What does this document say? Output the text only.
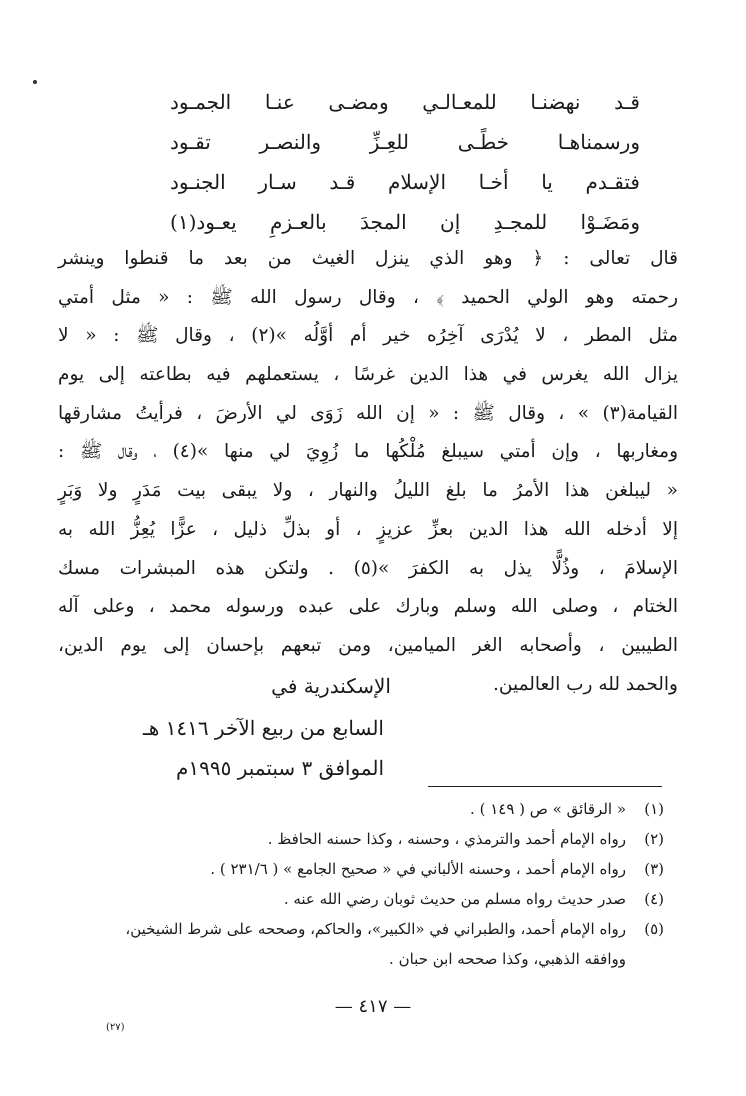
قـد نهضنـا للمعـالـي ومضـى عنـا الجمـود
ورسمناهـا خطًـى للعِـزِّ والنصـر تقـود
فتقـدم يا أخـا الإسلام قـد سـار الجنـود
ومَضَـوْا للمجـدِ إن المجدَ بالعـزمِ يعـود(١)
قال تعالى : ﴿ وهو الذي ينزل الغيث من بعد ما قنطوا وينشر
رحمته وهو الولي الحميد ﴾ ، وقال رسول الله ﷺ : « مثل أمتي
مثل المطر ، لا يُدْرَى آخِرُه خير أم أوَّلُه »(٢) ، وقال ﷺ : « لا
يزال الله يغرس في هذا الدين غرسًا ، يستعملهم فيه بطاعته إلى يوم
القيامة(٣) » ، وقال ﷺ : « إن الله زَوَى لي الأرضَ ، فرأيتُ مشارقها
ومغاربها ، وإن أمتي سيبلغ مُلْكُها ما زُوِيَ لي منها »(٤) ، وقال ﷺ :
« ليبلغن هذا الأمرُ ما بلغ الليلُ والنهار ، ولا يبقى بيت مَدَرٍ ولا وَبَرٍ
إلا أدخله الله هذا الدين بعزِّ عزيزٍ ، أو بذلِّ ذليل ، عزًّا يُعِزُّ الله به
الإسلامَ ، وذُلًّا يذل به الكفرَ »(٥) . ولتكن هذه المبشرات مسك
الختام ، وصلى الله وسلم وبارك على عبده ورسوله محمد ، وعلى آله
الطيبين ، وأصحابه الغر الميامين، ومن تبعهم بإحسان إلى يوم الدين،
والحمد لله رب العالمين.
الإسكندرية في
السابع من ربيع الآخر ١٤١٦ هـ
الموافق ٣ سبتمبر ١٩٩٥م
(١)« الرقائق » ص ( ١٤٩ ) .
(٢)رواه الإمام أحمد والترمذي ، وحسنه ، وكذا حسنه الحافظ .
(٣)رواه الإمام أحمد ، وحسنه الألباني في « صحيح الجامع » ( ٢٣١/٦ ) .
(٤)صدر حديث رواه مسلم من حديث ثوبان رضي الله عنه .
(٥)رواه الإمام أحمد، والطبراني في «الكبير»، والحاكم، وصححه على شرط الشيخين،
ووافقه الذهبي، وكذا صححه ابن حبان .
— ٤١٧ —
(٢٧)
